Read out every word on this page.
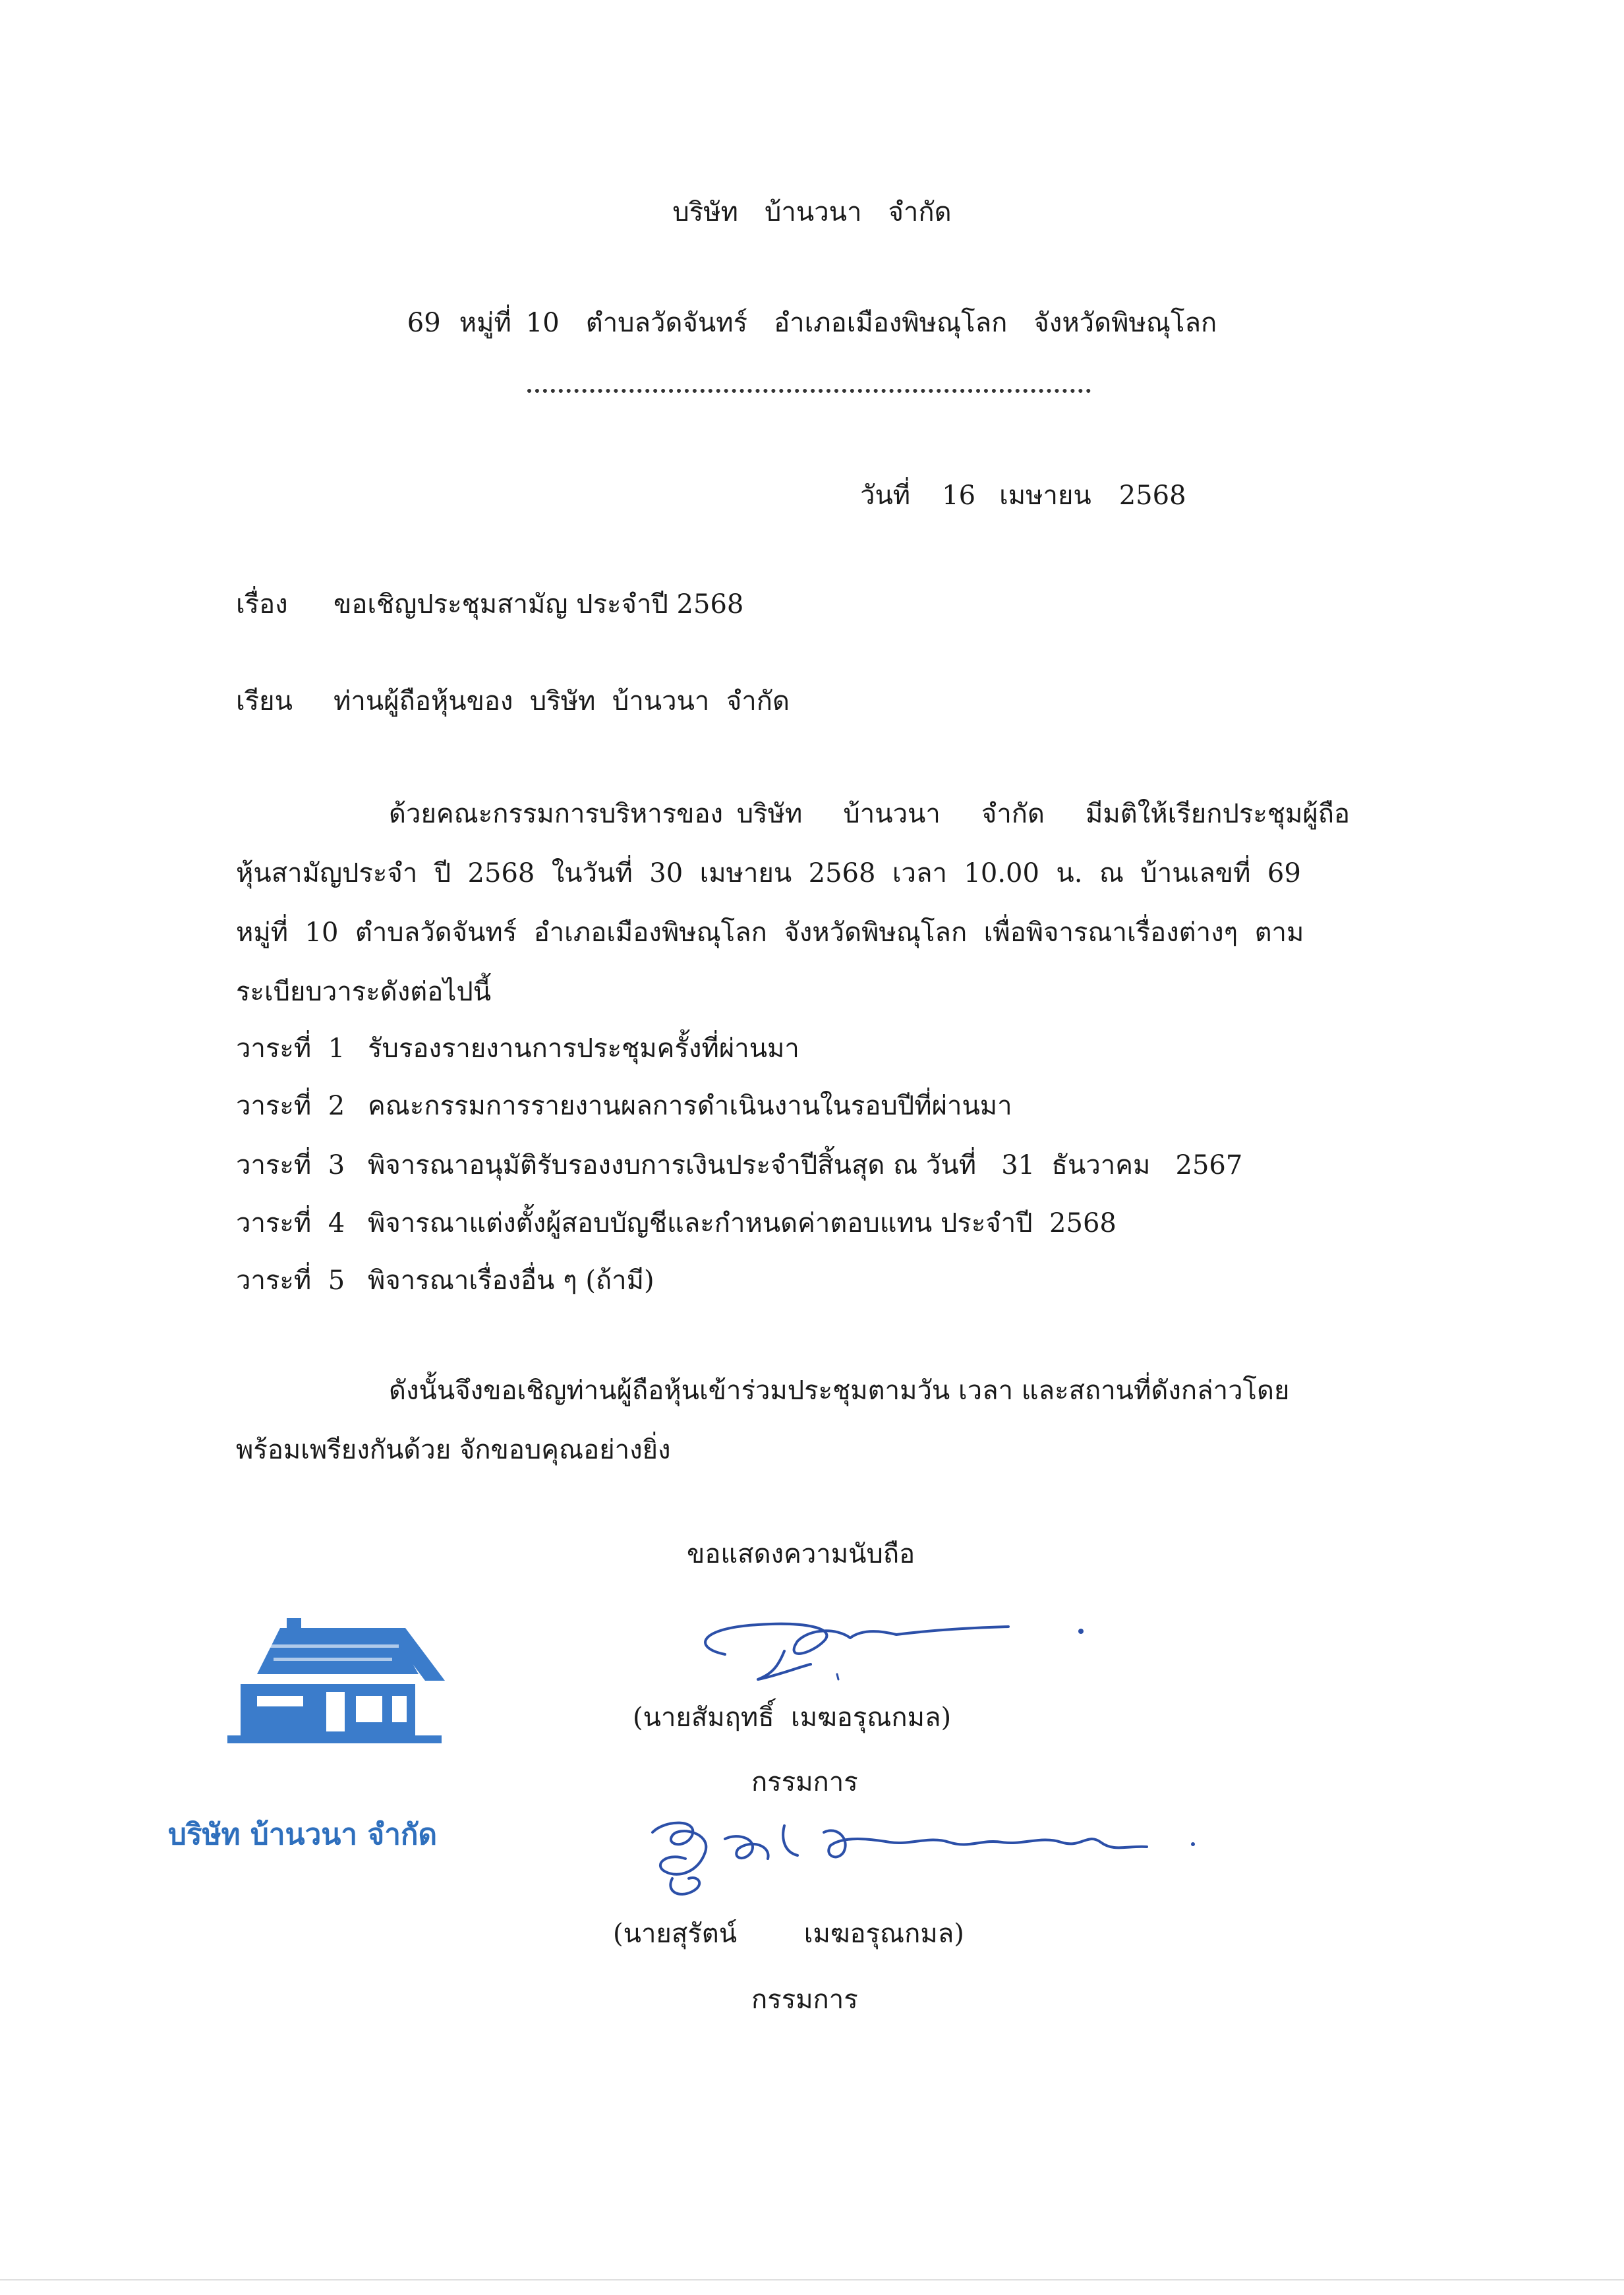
บริษัท บ้านวนา จำกัด
69 หมู่ที่ 10 ตำบลวัดจันทร์ อำเภอเมืองพิษณุโลก จังหวัดพิษณุโลก
วันที่ 16 เมษายน 2568
เรื่อง ขอเชิญประชุมสามัญ ประจำปี 2568
เรียน ท่านผู้ถือหุ้นของ  บริษัท  บ้านวนา  จำกัด
ด้วยคณะกรรมการบริหารของ บริษัท   บ้านวนา   จำกัด   มีมติให้เรียกประชุมผู้ถือ
หุ้นสามัญประจำ  ปี  2568  ในวันที่  30  เมษายน  2568  เวลา  10.00  น.  ณ  บ้านเลขที่  69
หมู่ที่  10  ตำบลวัดจันทร์  อำเภอเมืองพิษณุโลก  จังหวัดพิษณุโลก  เพื่อพิจารณาเรื่องต่างๆ  ตาม
ระเบียบวาระดังต่อไปนี้
วาระที่  1 รับรองรายงานการประชุมครั้งที่ผ่านมา
วาระที่  2 คณะกรรมการรายงานผลการดำเนินงานในรอบปีที่ผ่านมา
วาระที่  3 พิจารณาอนุมัติรับรองงบการเงินประจำปีสิ้นสุด ณ วันที่   31  ธันวาคม   2567
วาระที่  4 พิจารณาแต่งตั้งผู้สอบบัญชีและกำหนดค่าตอบแทน ประจำปี  2568
วาระที่  5 พิจารณาเรื่องอื่น ๆ (ถ้ามี)
ดังนั้นจึงขอเชิญท่านผู้ถือหุ้นเข้าร่วมประชุมตามวัน เวลา และสถานที่ดังกล่าวโดย
พร้อมเพรียงกันด้วย จักขอบคุณอย่างยิ่ง
ขอแสดงความนับถือ
(นายสัมฤทธิ์  เมฆอรุณกมล)
กรรมการ
(นายสุรัตน์        เมฆอรุณกมล)
กรรมการ
บริษัท บ้านวนา จำกัด
